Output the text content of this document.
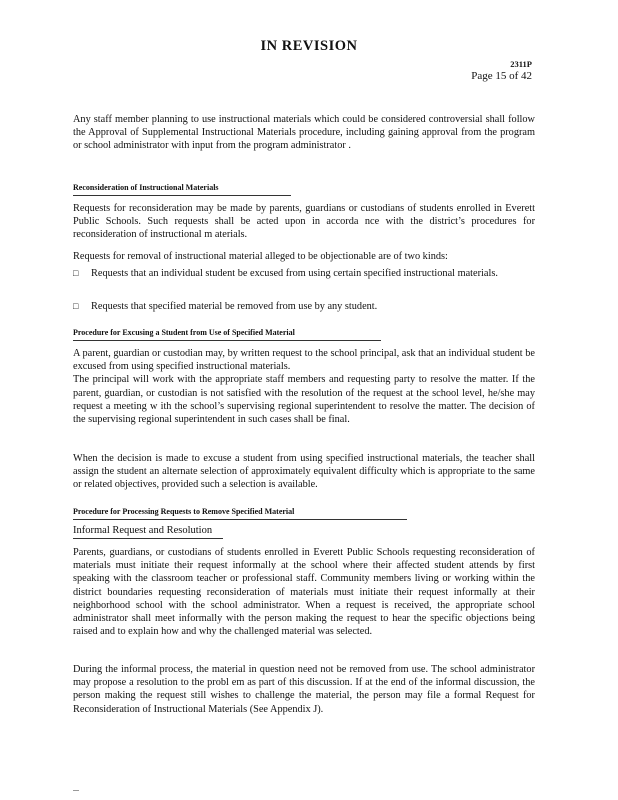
IN REVISION
2311P
Page 15 of 42

Any staff member planning to use instructional materials which could be considered controversial shall follow the Approval of Supplemental Instructional Materials procedure, including gaining approval from the program or school administrator with input from the program administrator .

Reconsideration of Instructional Materials

Requests for reconsideration may be made by parents, guardians or custodians of students enrolled in Everett Public Schools. Such requests shall be acted upon in accorda nce with the district’s procedures for reconsideration of instructional m aterials.

Requests for removal of instructional material alleged to be objectionable are of two kinds:

□	Requests that an individual student be excused from using certain specified instructional materials.
□	Requests that specified material be removed from use by any student.
Procedure for Excusing a Student from Use of Specified Material

A parent, guardian or custodian may, by written request to the school principal, ask that an individual student be excused from using specified instructional materials.

The principal will work with the appropriate staff members and requesting party to resolve the matter. If the parent, guardian, or custodian is not satisfied with the resolution of the request at the school level, he/she may request a meeting w ith the school’s supervising regional superintendent to resolve the matter. The decision of the supervising regional superintendent in such cases shall be final.

When the decision is made to excuse a student from using specified instructional materials, the teacher shall assign the student an alternate selection of approximately equivalent difficulty which is appropriate to the same or related objectives, provided such a selection is available.

Procedure for Processing Requests to Remove Specified Material
Informal Request and Resolution

Parents, guardians, or custodians of students enrolled in Everett Public Schools requesting reconsideration of materials must initiate their request informally at the school where their affected student attends by first speaking with the classroom teacher or professional staff. Community members living or working within the district boundaries requesting reconsideration of materials must initiate their request informally at their neighborhood school with the school administrator. When a request is received, the appropriate school administrator shall meet informally with the person making the request to hear the specific objections being raised and to explain how and why the challenged material was selected.

During the informal process, the material in question need not be removed from use. The school administrator may propose a resolution to the probl em as part of this discussion. If at the end of the informal discussion, the person making the request still wishes to challenge the material, the person may file a formal Request for Reconsideration of Instructional Materials (See Appendix J).
